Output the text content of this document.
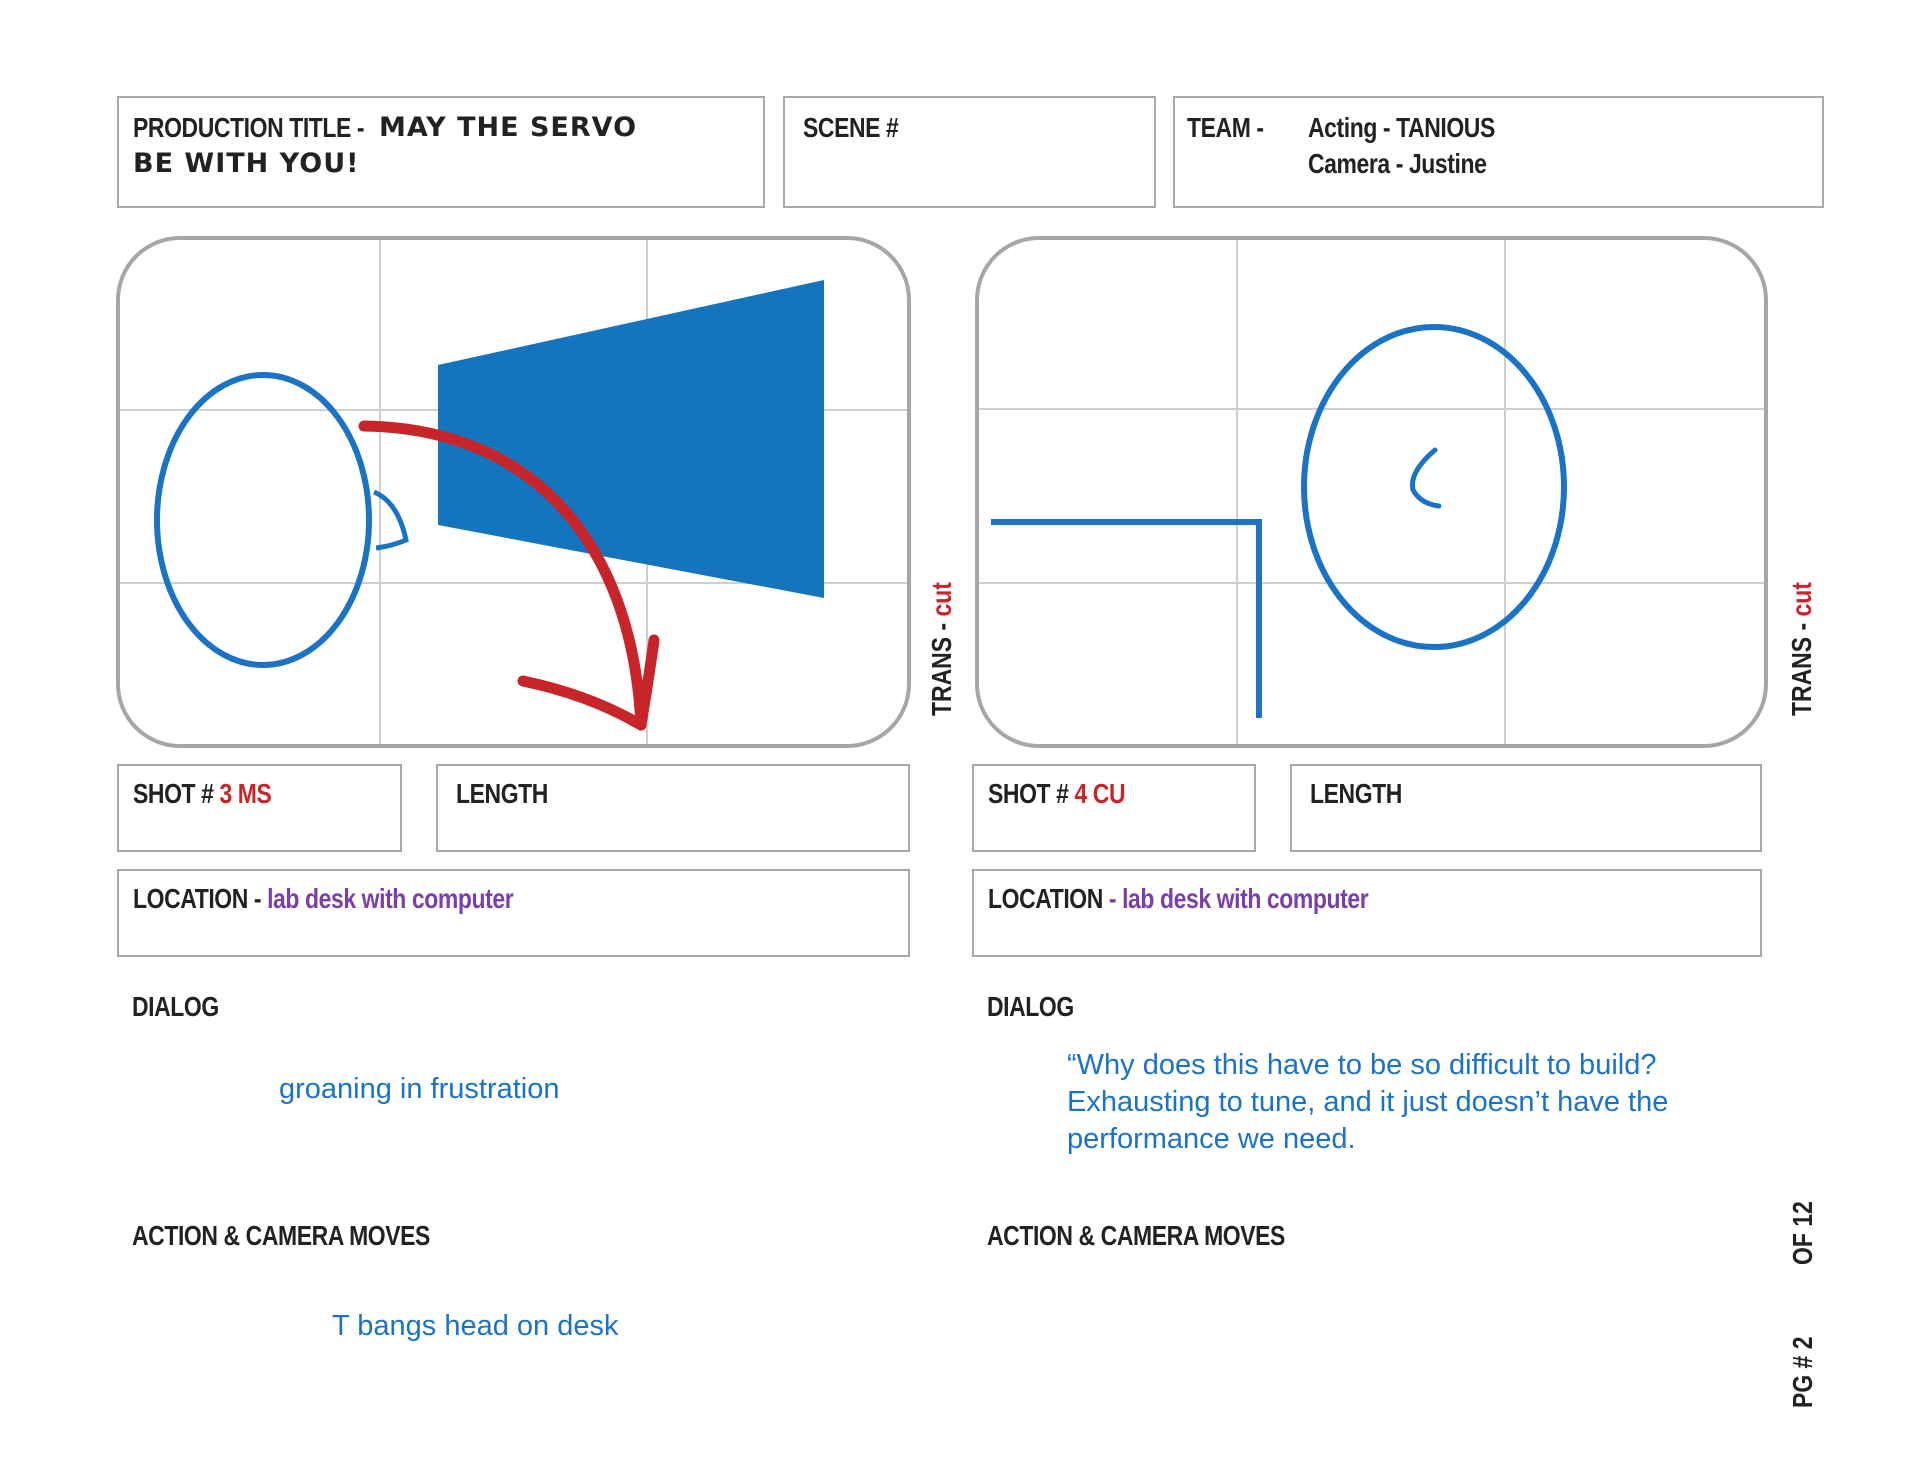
PRODUCTION TITLE - MAY THE SERVO
BE WITH YOU!
SCENE #	TEAM - Acting - TANIOUS
Camera - Justine
TRANS - cut
TRANS - cut
SHOT # 3 MS	LENGTH
LOCATION - lab desk with computer
DIALOG
groaning in frustration
ACTION & CAMERA MOVES
T bangs head on desk
SHOT # 4 CU	LENGTH
LOCATION - lab desk with computer
DIALOG
“Why does this have to be so difficult to build?
Exhausting to tune, and it just doesn’t have the
performance we need.
ACTION & CAMERA MOVES	OF 12
PG # 2
